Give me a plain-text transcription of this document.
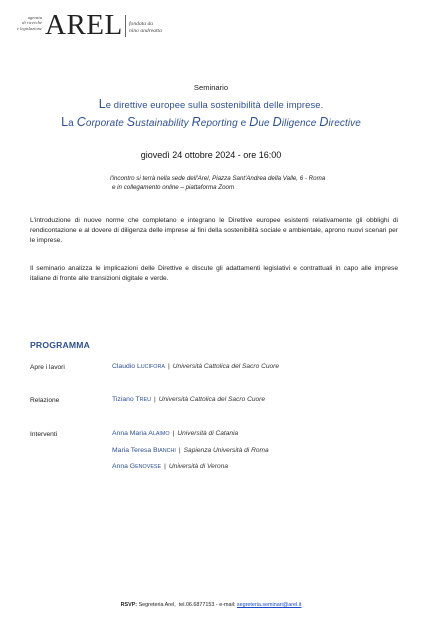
agenzia
di ricerche
e legislazione AREL fondata da
nino andreatta
Seminario
Le direttive europee sulla sostenibilità delle imprese.
La Corporate Sustainability Reporting e Due Diligence Directive
giovedì 24 ottobre 2024 - ore 16:00
l'incontro si terrà nella sede dell'Arel, Piazza Sant'Andrea della Valle, 6 - Roma
e in collegamento online – piattaforma Zoom
L'introduzione di nuove norme che completano e integrano le Direttive europee esistenti relativamente gli obblighi di rendicontazione e al dovere di diligenza delle imprese ai fini della sostenibilità sociale e ambientale, aprono nuovi scenari per le imprese.
Il seminario analizza le implicazioni delle Direttive e discute gli adattamenti legislativi e contrattuali in capo alle imprese italiane di fronte alle transizioni digitale e verde.
PROGRAMMA
Apre i lavori	Claudio LUCIFORA | Università Cattolica del Sacro Cuore
Relazione	Tiziano TREU | Università Cattolica del Sacro Cuore
Interventi	Anna Maria ALAIMO | Università di Catania
Maria Teresa BIANCHI | Sapienza Università di Roma
Anna GENOVESE | Università di Verona
RSVP: Segreteria Arel,  tel.06.6877153 - e-mail: segreteria.seminari@arel.it
